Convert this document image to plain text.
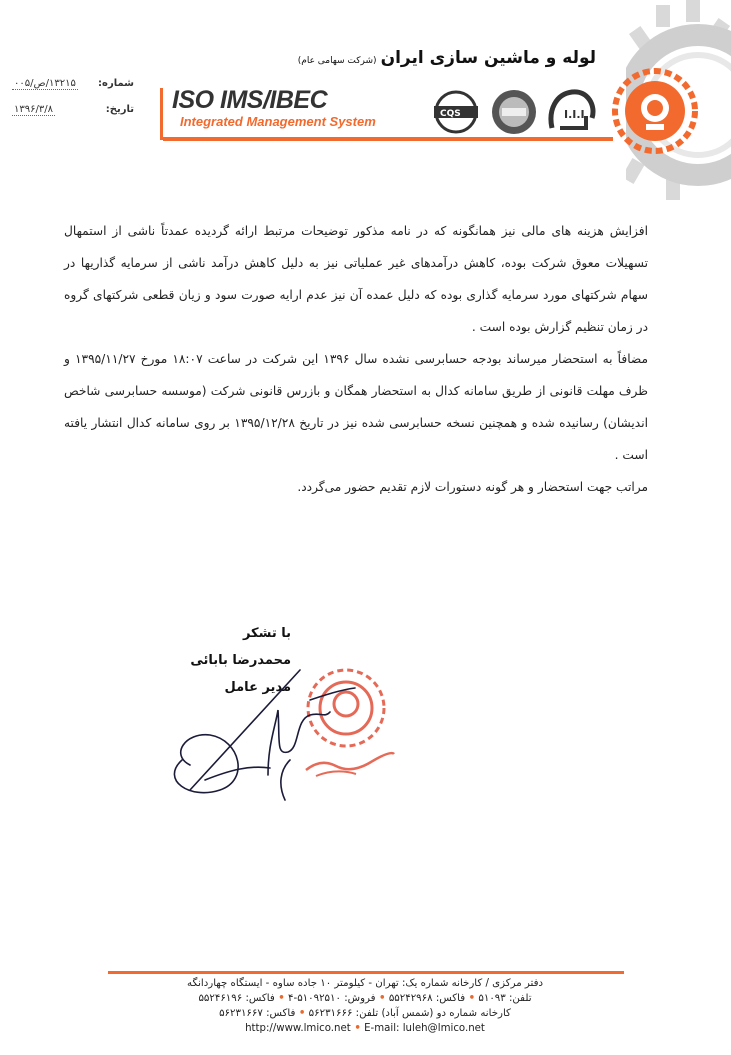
لوله و ماشین سازی ایران(شرکت سهامی عام)
I.I.I
CQS
ISO IMS/IBEC
Integrated Management System
شماره:
۱۳۲۱۵/ص/۰۰۵
تاریخ:
۱۳۹۶/۳/۸

افزایش هزینه های مالی نیز همانگونه که در نامه مذکور توضیحات مرتبط ارائه گردیده عمدتاً ناشی از استمهال تسهیلات معوق شرکت بوده، کاهش درآمدهای غیر عملیاتی نیز به دلیل کاهش درآمد ناشی از سرمایه گذاریها در سهام شرکتهای مورد سرمایه گذاری بوده که دلیل عمده آن نیز عدم ارایه صورت سود و زیان قطعی شرکتهای گروه در زمان تنظیم گزارش بوده است .

مضافاً به استحضار میرساند بودجه حسابرسی نشده سال ۱۳۹۶ این شرکت در ساعت ۱۸:۰۷ مورخ ۱۳۹۵/۱۱/۲۷ و ظرف مهلت قانونی از طریق سامانه کدال به استحضار همگان و بازرس قانونی شرکت (موسسه حسابرسی شاخص اندیشان) رسانیده شده و همچنین نسخه حسابرسی شده نیز در تاریخ ۱۳۹۵/۱۲/۲۸ بر روی سامانه کدال انتشار یافته است .

مراتب جهت استحضار و هر گونه دستورات لازم تقدیم حضور می‌گردد.

با تشکر
محمدرضا بابائی
مدیر عامل
دفتر مرکزی / کارخانه شماره یک: تهران - کیلومتر ۱۰ جاده ساوه - ایستگاه چهاردانگه
تلفن: ۵۱۰۹۳ • فاکس: ۵۵۲۴۲۹۶۸ • فروش: ۵۱۰۹۲۵۱۰-۴ • فاکس: ۵۵۲۴۶۱۹۶
کارخانه شماره دو (شمس آباد) تلفن: ۵۶۲۳۱۶۶۶ • فاکس: ۵۶۲۳۱۶۶۷
E-mail: luleh@lmico.net • http://www.lmico.net
